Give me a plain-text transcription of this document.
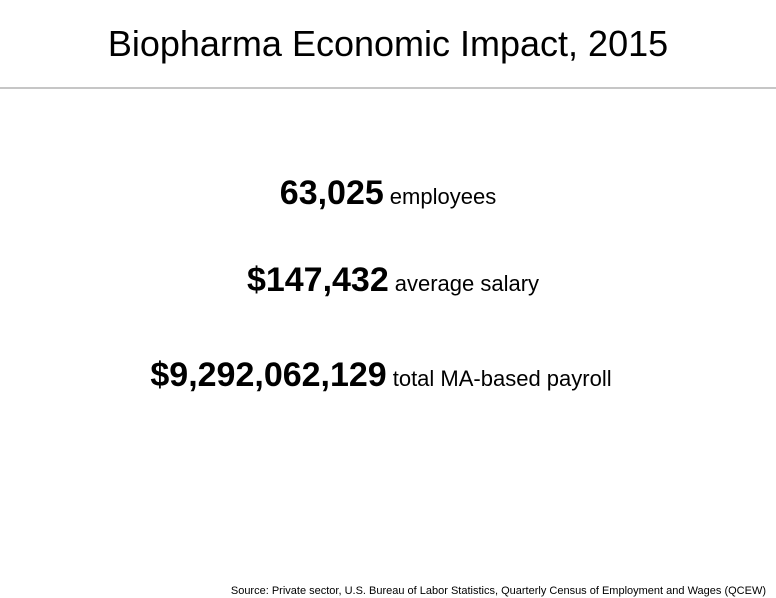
Biopharma Economic Impact, 2015
63,025 employees
$147,432 average salary
$9,292,062,129 total MA-based payroll
Source: Private sector, U.S. Bureau of Labor Statistics, Quarterly Census of Employment and Wages (QCEW)
